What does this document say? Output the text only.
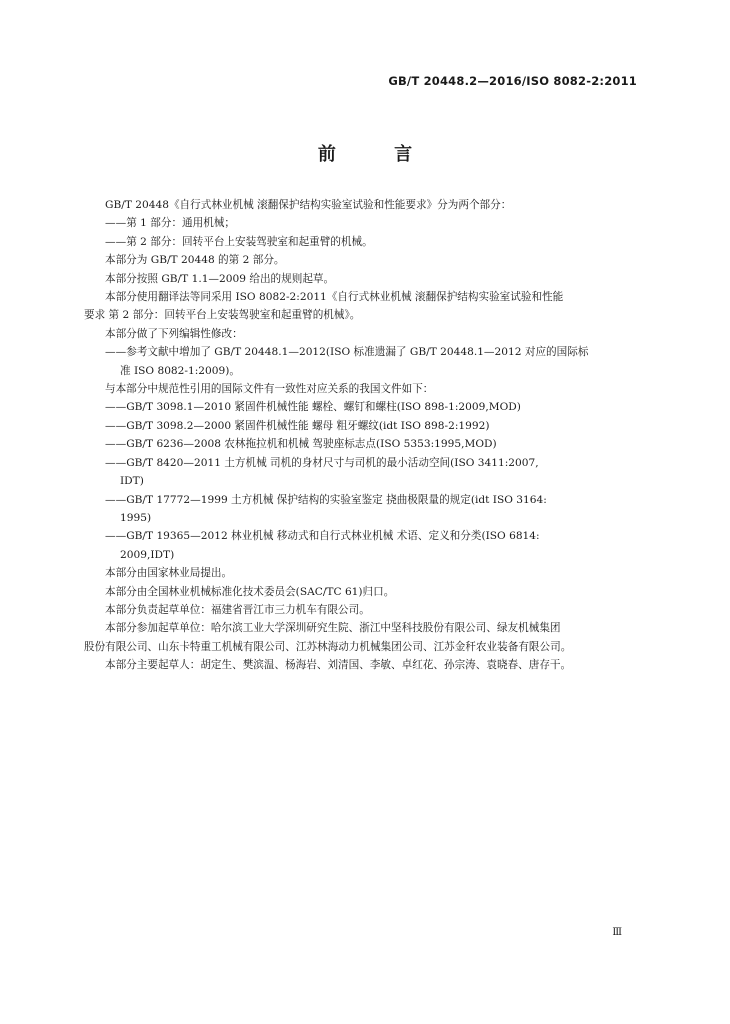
GB/T 20448.2—2016/ISO 8082-2:2011
前 言

GB/T 20448《自行式林业机械 滚翻保护结构实验室试验和性能要求》分为两个部分：

——第 1 部分：通用机械；

——第 2 部分：回转平台上安装驾驶室和起重臂的机械。

本部分为 GB/T 20448 的第 2 部分。

本部分按照 GB/T 1.1—2009 给出的规则起草。

本部分使用翻译法等同采用 ISO 8082-2:2011《自行式林业机械 滚翻保护结构实验室试验和性能

要求 第 2 部分：回转平台上安装驾驶室和起重臂的机械》。

本部分做了下列编辑性修改：

——参考文献中增加了 GB/T 20448.1—2012(ISO 标准遗漏了 GB/T 20448.1—2012 对应的国际标

准 ISO 8082-1:2009)。

与本部分中规范性引用的国际文件有一致性对应关系的我国文件如下：

——GB/T 3098.1—2010 紧固件机械性能 螺栓、螺钉和螺柱(ISO 898-1:2009,MOD)

——GB/T 3098.2—2000 紧固件机械性能 螺母 粗牙螺纹(idt ISO 898-2:1992)

——GB/T 6236—2008 农林拖拉机和机械 驾驶座标志点(ISO 5353:1995,MOD)

——GB/T 8420—2011 土方机械 司机的身材尺寸与司机的最小活动空间(ISO 3411:2007,

IDT)

——GB/T 17772—1999 土方机械 保护结构的实验室鉴定 挠曲极限量的规定(idt ISO 3164:

1995)

——GB/T 19365—2012 林业机械 移动式和自行式林业机械 术语、定义和分类(ISO 6814:

2009,IDT)

本部分由国家林业局提出。

本部分由全国林业机械标准化技术委员会(SAC/TC 61)归口。

本部分负责起草单位：福建省晋江市三力机车有限公司。

本部分参加起草单位：哈尔滨工业大学深圳研究生院、浙江中坚科技股份有限公司、绿友机械集团

股份有限公司、山东卡特重工机械有限公司、江苏林海动力机械集团公司、江苏金秆农业装备有限公司。

本部分主要起草人：胡定生、樊滨温、杨海岩、刘清国、李敏、卓红花、孙宗涛、袁晓春、唐存干。

Ⅲ
